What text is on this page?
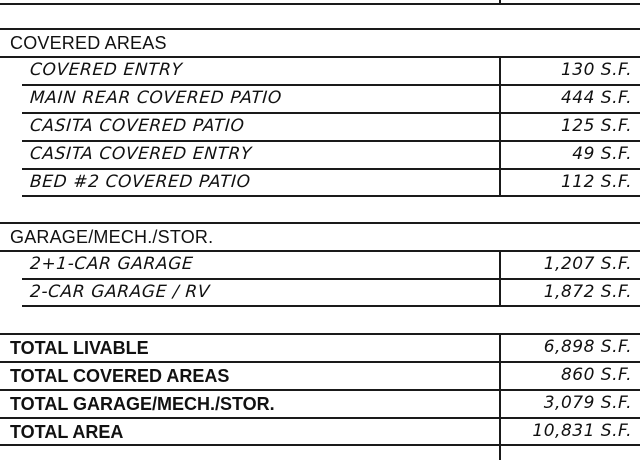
COVERED AREAS
COVERED ENTRY	130 S.F.
MAIN REAR COVERED PATIO	444 S.F.
CASITA COVERED PATIO	125 S.F.
CASITA COVERED ENTRY	49 S.F.
BED #2 COVERED PATIO	112 S.F.
GARAGE/MECH./STOR.
2+1-CAR GARAGE	1,207 S.F.
2-CAR GARAGE / RV	1,872 S.F.
TOTAL LIVABLE	6,898 S.F.
TOTAL COVERED AREAS	860 S.F.
TOTAL GARAGE/MECH./STOR.	3,079 S.F.
TOTAL AREA	10,831 S.F.
